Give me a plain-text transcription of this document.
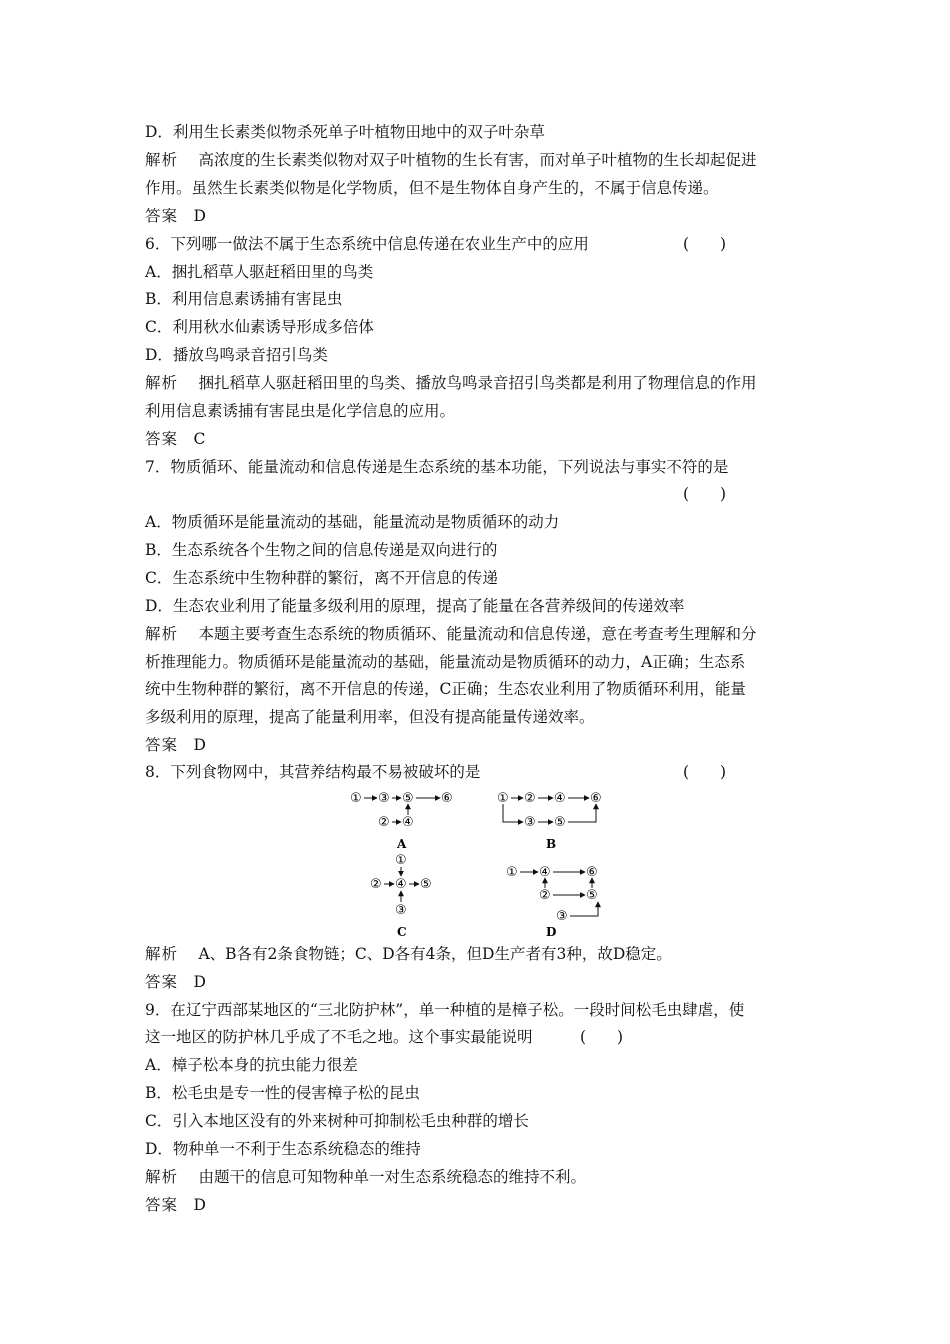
D．利用生长素类似物杀死单子叶植物田地中的双子叶杂草
解析　 高浓度的生长素类似物对双子叶植物的生长有害，而对单子叶植物的生长却起促进
作用。虽然生长素类似物是化学物质，但不是生物体自身产生的，不属于信息传递。
答案　 D
6．下列哪一做法不属于生态系统中信息传递在农业生产中的应用	(　　)
A．捆扎稻草人驱赶稻田里的鸟类
B．利用信息素诱捕有害昆虫
C．利用秋水仙素诱导形成多倍体
D．播放鸟鸣录音招引鸟类
解析　 捆扎稻草人驱赶稻田里的鸟类、播放鸟鸣录音招引鸟类都是利用了物理信息的作用
利用信息素诱捕有害昆虫是化学信息的应用。
答案　 C
7．物质循环、能量流动和信息传递是生态系统的基本功能，下列说法与事实不符的是
(　　)
A．物质循环是能量流动的基础，能量流动是物质循环的动力
B．生态系统各个生物之间的信息传递是双向进行的
C．生态系统中生物种群的繁衍，离不开信息的传递
D．生态农业利用了能量多级利用的原理，提高了能量在各营养级间的传递效率
解析　 本题主要考查生态系统的物质循环、能量流动和信息传递，意在考查考生理解和分
析推理能力。物质循环是能量流动的基础，能量流动是物质循环的动力，A正确；生态系
统中生物种群的繁衍，离不开信息的传递，C正确；生态农业利用了物质循环利用，能量
多级利用的原理，提高了能量利用率，但没有提高能量传递效率。
答案　 D
8．下列食物网中，其营养结构最不易被破坏的是	(　　)
① ③ ⑤ ⑥
② ④
A
① ② ④ ⑥
③ ⑤
B
①
② ④ ⑤
③
C
① ④	⑥
②	⑤
③
D
解析　 A、B各有2条食物链；C、D各有4条，但D生产者有3种，故D稳定。
答案　 D
9．在辽宁西部某地区的“三北防护林”，单一种植的是樟子松。一段时间松毛虫肆虐，使
这一地区的防护林几乎成了不毛之地。这个事实最能说明	(　　)
A．樟子松本身的抗虫能力很差
B．松毛虫是专一性的侵害樟子松的昆虫
C．引入本地区没有的外来树种可抑制松毛虫种群的增长
D．物种单一不利于生态系统稳态的维持
解析　 由题干的信息可知物种单一对生态系统稳态的维持不利。
答案　 D
